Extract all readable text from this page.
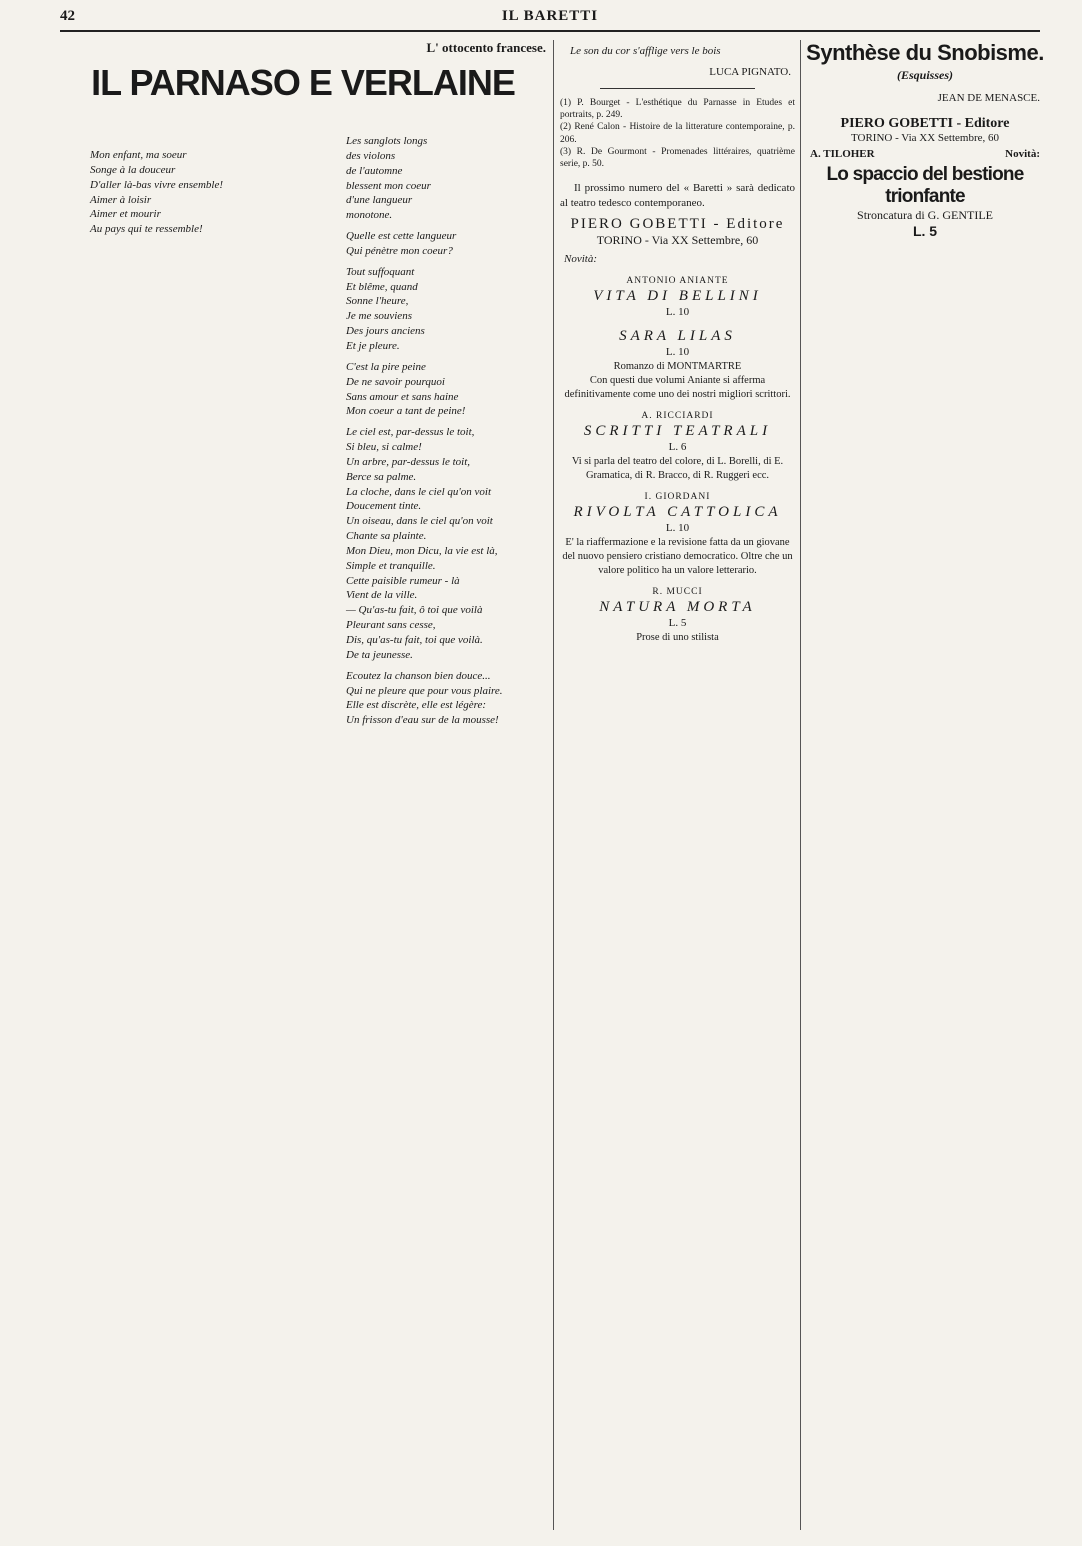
42	IL BARETTI
L' ottocento francese.
IL PARNASO E VERLAINE
Mon enfant, ma soeur
Songe à la douceur
D'aller là-bas vivre ensemble!
Aimer à loisir
Aimer et mourir
Au pays qui te ressemble!
Les sanglots longs
des violons
de l'automne
blessent mon coeur
d'une langueur
monotone.
Quelle est cette langueur
Qui pénètre mon coeur?
Tout suffoquant
Et blême, quand
Sonne l'heure,
Je me souviens
Des jours anciens
Et je pleure.
C'est la pire peine
De ne savoir pourquoi
Sans amour et sans haine
Mon coeur a tant de peine!
Le ciel est, par-dessus le toit,
Si bleu, si calme!
Un arbre, par-dessus le toit,
Berce sa palme.
La cloche, dans le ciel qu'on voit
Doucement tinte.
Un oiseau, dans le ciel qu'on voit
Chante sa plainte.
Mon Dieu, mon Dicu, la vie est là,
Simple et tranquille.
Cette paisible rumeur - là
Vient de la ville.
— Qu'as-tu fait, ô toi que voilà
Pleurant sans cesse,
Dis, qu'as-tu fait, toi que voilà.
De ta jeunesse.
Ecoutez la chanson bien douce...
Qui ne pleure que pour vous plaire.
Elle est discrète, elle est légère:
Un frisson d'eau sur de la mousse!
Le son du cor s'afflige vers le bois
LUCA PIGNATO.
(1) P. Bourget - L'esthétique du Parnasse in Etudes et portraits, p. 249.
(2) René Calon - Histoire de la litterature contemporaine, p. 206.
(3) R. De Gourmont - Promenades littéraires, quatrième serie, p. 50.

Il prossimo numero del « Baretti » sarà dedicato al teatro tedesco contemporaneo.

PIERO GOBETTI - Editore
TORINO - Via XX Settembre, 60
Novità:
ANTONIO ANIANTE
VITA DI BELLINI
L. 10
SARA LILAS
L. 10
Romanzo di MONTMARTRE
Con questi due volumi Aniante si afferma definitivamente come uno dei nostri migliori scrittori.
A. RICCIARDI
SCRITTI TEATRALI
L. 6
Vi si parla del teatro del colore, di L. Borelli, di E. Gramatica, di R. Bracco, di R. Ruggeri ecc.
I. GIORDANI
RIVOLTA CATTOLICA
L. 10
E' la riaffermazione e la revisione fatta da un giovane del nuovo pensiero cristiano democratico. Oltre che un valore politico ha un valore letterario.
R. MUCCI
NATURA MORTA
L. 5
Prose di uno stilista
Synthèse du Snobisme.
(Esquisses)
JEAN DE MENASCE.
PIERO GOBETTI - Editore
TORINO - Via XX Settembre, 60
A. TILOHER	Novità:
Lo spaccio del bestione trionfante
Stroncatura di G. GENTILE
L. 5
